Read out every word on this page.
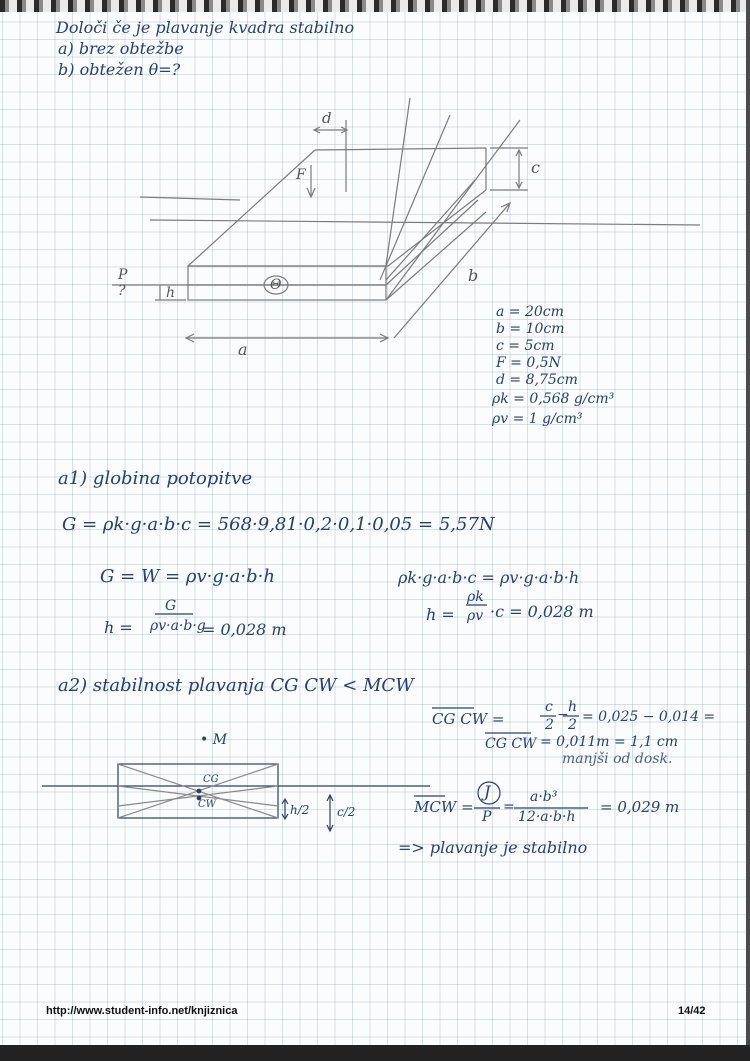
Določi če je plavanje kvadra stabilno
a) brez obtežbe
b) obtežen θ=?
d
F	c
b
a
Θ
P
?	h
a = 20cm
b = 10cm
c = 5cm
F = 0,5N
d = 8,75cm
ρk = 0,568 g/cm³
ρv = 1 g/cm³
a1) globina potopitve
G = ρk·g·a·b·c = 568·9,81·0,2·0,1·0,05 = 5,57N
G = W = ρv·g·a·b·h
G
h = ρv·a·b·g
= 0,028 m
ρk·g·a·b·c = ρv·g·a·b·h
h =
ρk
ρv ·c = 0,028 m
a2) stabilnost plavanja CG CW < MCW
• M
CG
CW	h/2 c/2
CG CW =
c
2
− h
2 = 0,025 − 0,014 =
CG CW = 0,011m = 1,1 cm
manjši od dosk.
MCW =
J
P
=
a·b³
12·a·b·h
= 0,029 m
=> plavanje je stabilno
http://www.student-info.net/knjiznica	14/42
